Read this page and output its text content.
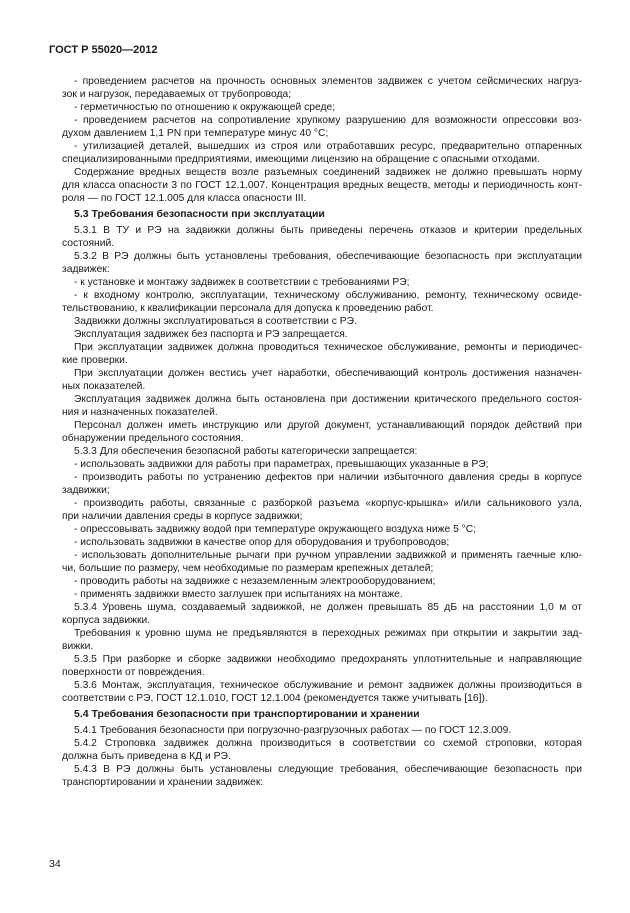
ГОСТ Р 55020—2012
- проведением расчетов на прочность основных элементов задвижек с учетом сейсмических нагруз-
зок и нагрузок, передаваемых от трубопровода;
- герметичностью по отношению к окружающей среде;
- проведением расчетов на сопротивление хрупкому разрушению для возможности опрессовки воз-
духом давлением 1,1 PN при температуре минус 40 °С;
- утилизацией деталей, вышедших из строя или отработавших ресурс, предварительно отпаренных
специализированными предприятиями, имеющими лицензию на обращение с опасными отходами.
Содержание вредных веществ возле разъемных соединений задвижек не должно превышать норму
для класса опасности 3 по ГОСТ 12.1.007. Концентрация вредных веществ, методы и периодичность конт-
роля — по ГОСТ 12.1.005 для класса опасности III.
5.3 Требования безопасности при эксплуатации
5.3.1 В ТУ и РЭ на задвижки должны быть приведены перечень отказов и критерии предельных
состояний.
5.3.2 В РЭ должны быть установлены требования, обеспечивающие безопасность при эксплуатации
задвижек:
- к установке и монтажу задвижек в соответствии с требованиями РЭ;
- к входному контролю, эксплуатации, техническому обслуживанию, ремонту, техническому освиде-
тельствованию, к квалификации персонала для допуска к проведению работ.
Задвижки должны эксплуатироваться в соответствии с РЭ.
Эксплуатация задвижек без паспорта и РЭ запрещается.
При эксплуатации задвижек должна проводиться техническое обслуживание, ремонты и периодичес-
кие проверки.
При эксплуатации должен вестись учет наработки, обеспечивающий контроль достижения назначен-
ных показателей.
Эксплуатация задвижек должна быть остановлена при достижении критического предельного состоя-
ния и назначенных показателей.
Персонал должен иметь инструкцию или другой документ, устанавливающий порядок действий при
обнаружении предельного состояния.
5.3.3 Для обеспечения безопасной работы категорически запрещается:
- использовать задвижки для работы при параметрах, превышающих указанные в РЭ;
- производить работы по устранению дефектов при наличии избыточного давления среды в корпусе
задвижки;
- производить работы, связанные с разборкой разъема «корпус-крышка» и/или сальникового узла,
при наличии давления среды в корпусе задвижки;
- опрессовывать задвижку водой при температуре окружающего воздуха ниже 5 °С;
- использовать задвижки в качестве опор для оборудования и трубопроводов;
- использовать дополнительные рычаги при ручном управлении задвижкой и применять гаечные клю-
чи, большие по размеру, чем необходимые по размерам крепежных деталей;
- проводить работы на задвижке с незаземленным электрооборудованием;
- применять задвижки вместо заглушек при испытаниях на монтаже.
5.3.4 Уровень шума, создаваемый задвижкой, не должен превышать 85 дБ на расстоянии 1,0 м от
корпуса задвижки.
Требования к уровню шума не предъявляются в переходных режимах при открытии и закрытии зад-
вижки.
5.3.5 При разборке и сборке задвижки необходимо предохранять уплотнительные и направляющие
поверхности от повреждения.
5.3.6 Монтаж, эксплуатация, техническое обслуживание и ремонт задвижек должны производиться в
соответствии с РЭ, ГОСТ 12.1.010, ГОСТ 12.1.004 (рекомендуется также учитывать [16]).
5.4 Требования безопасности при транспортировании и хранении
5.4.1 Требования безопасности при погрузочно-разгрузочных работах — по ГОСТ 12.3.009.
5.4.2 Строповка задвижек должна производиться в соответствии со схемой строповки, которая
должна быть приведена в КД и РЭ.
5.4.3 В РЭ должны быть установлены следующие требования, обеспечивающие безопасность при
транспортировании и хранении задвижек:
34
